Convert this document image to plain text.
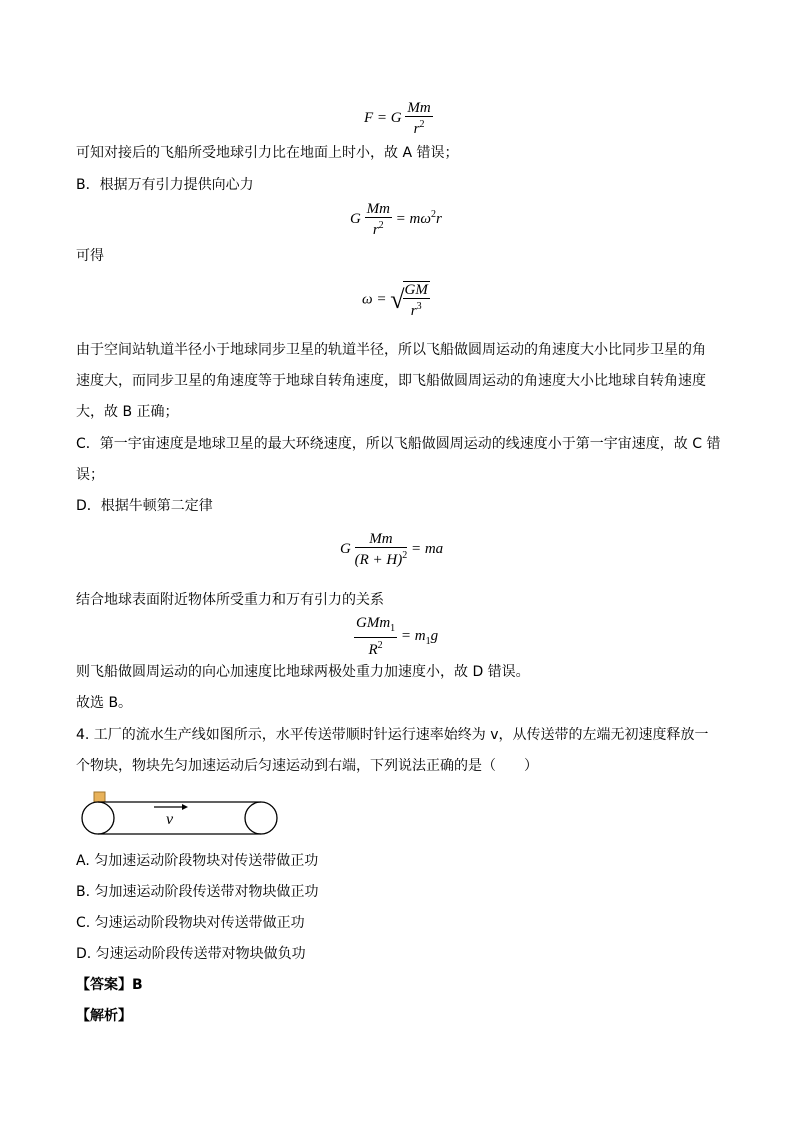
F = G $\frac{Mm}{r^2}$
可知对接后的飞船所受地球引力比在地面上时小，故 A 错误；
B．根据万有引力提供向心力
G $\frac{Mm}{r^2} = m\omega^2r$
可得
ω = √
$\frac{GM}{r^3}$
由于空间站轨道半径小于地球同步卫星的轨道半径，所以飞船做圆周运动的角速度大小比同步卫星的角
速度大，而同步卫星的角速度等于地球自转角速度，即飞船做圆周运动的角速度大小比地球自转角速度
大，故 B 正确；
C．第一宇宙速度是地球卫星的最大环绕速度，所以飞船做圆周运动的线速度小于第一宇宙速度，故 C 错
误；
D．根据牛顿第二定律
G $\frac{Mm}{(R + H)^2}$ = ma
结合地球表面附近物体所受重力和万有引力的关系
$\frac{GMm_1}{R^2} = m_1g$
则飞船做圆周运动的向心加速度比地球两极处重力加速度小，故 D 错误。
故选 B。
4. 工厂的流水生产线如图所示，水平传送带顺时针运行速率始终为 v，从传送带的左端无初速度释放一
个物块，物块先匀加速运动后匀速运动到右端，下列说法正确的是（　　）
v
A. 匀加速运动阶段物块对传送带做正功
B. 匀加速运动阶段传送带对物块做正功
C. 匀速运动阶段物块对传送带做正功
D. 匀速运动阶段传送带对物块做负功
【答案】B
【解析】
